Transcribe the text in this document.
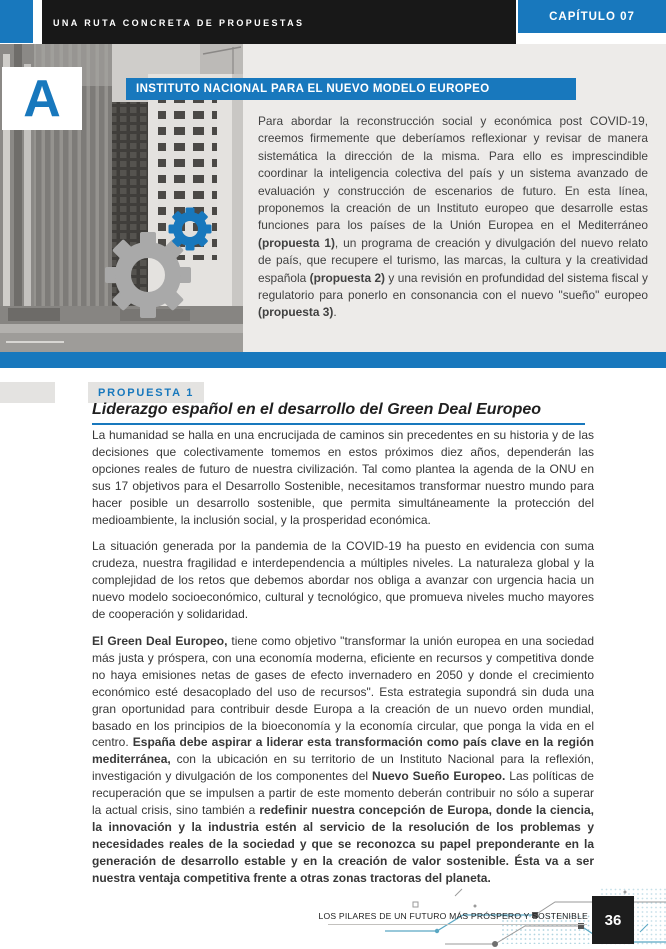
UNA RUTA CONCRETA DE PROPUESTAS	CAPÍTULO 07
A	INSTITUTO NACIONAL PARA EL NUEVO MODELO EUROPEO
Para abordar la reconstrucción social y económica post COVID-19, creemos firmemente que deberíamos reflexionar y revisar de manera sistemática la dirección de la misma. Para ello es imprescindible coordinar la inteligencia colectiva del país y un sistema avanzado de evaluación y construcción de escenarios de futuro. En esta línea, proponemos la creación de un Instituto europeo que desarrolle estas funciones para los países de la Unión Europea en el Mediterráneo (propuesta 1), un programa de creación y divulgación del nuevo relato de país, que recupere el turismo, las marcas, la cultura y la creatividad española (propuesta 2) y una revisión en profundidad del sistema fiscal y regulatorio para ponerlo en consonancia con el nuevo "sueño" europeo (propuesta 3).
PROPUESTA 1
Liderazgo español en el desarrollo del Green Deal Europeo

La humanidad se halla en una encrucijada de caminos sin precedentes en su historia y de las decisiones que colectivamente tomemos en estos próximos diez años, dependerán las opciones reales de futuro de nuestra civilización. Tal como plantea la agenda de la ONU en sus 17 objetivos para el Desarrollo Sostenible, necesitamos transformar nuestro mundo para hacer posible un desarrollo sostenible, que permita simultáneamente la protección del medioambiente, la inclusión social, y la prosperidad económica.

La situación generada por la pandemia de la COVID-19 ha puesto en evidencia con suma crudeza, nuestra fragilidad e interdependencia a múltiples niveles. La naturaleza global y la complejidad de los retos que debemos abordar nos obliga a avanzar con urgencia hacia un nuevo modelo socioeconómico, cultural y tecnológico, que promueva niveles mucho mayores de cooperación y solidaridad.

El Green Deal Europeo, tiene como objetivo "transformar la unión europea en una sociedad más justa y próspera, con una economía moderna, eficiente en recursos y competitiva donde no haya emisiones netas de gases de efecto invernadero en 2050 y donde el crecimiento económico esté desacoplado del uso de recursos". Esta estrategia supondrá sin duda una gran oportunidad para contribuir desde Europa a la creación de un nuevo orden mundial, basado en los principios de la bioeconomía y la economía circular, que ponga la vida en el centro. España debe aspirar a liderar esta transformación como país clave en la región mediterránea, con la ubicación en su territorio de un Instituto Nacional para la reflexión, investigación y divulgación de los componentes del Nuevo Sueño Europeo. Las políticas de recuperación que se impulsen a partir de este momento deberán contribuir no sólo a superar la actual crisis, sino también a redefinir nuestra concepción de Europa, donde la ciencia, la innovación y la industria estén al servicio de la resolución de los problemas y necesidades reales de la sociedad y que se reconozca su papel preponderante en la generación de desarrollo estable y en la creación de valor sostenible. Ésta va a ser nuestra ventaja competitiva frente a otras zonas tractoras del planeta.

LOS PILARES DE UN FUTURO MÁS PRÓSPERO Y SOSTENIBLE 36
